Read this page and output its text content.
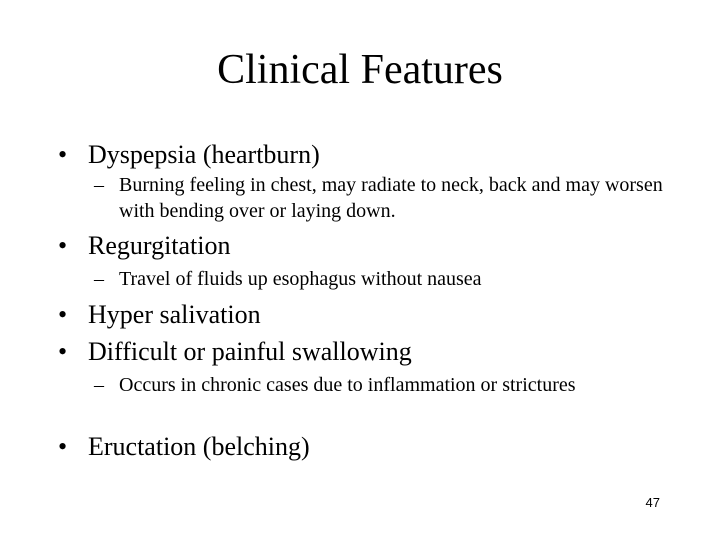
Clinical Features
• Dyspepsia (heartburn)
– Burning feeling in chest, may radiate to neck, back and may worsen with bending over or laying down.
• Regurgitation
– Travel of fluids up esophagus without nausea
• Hyper salivation
• Difficult or painful swallowing
– Occurs in chronic cases due to inflammation or strictures
• Eructation (belching)
47
